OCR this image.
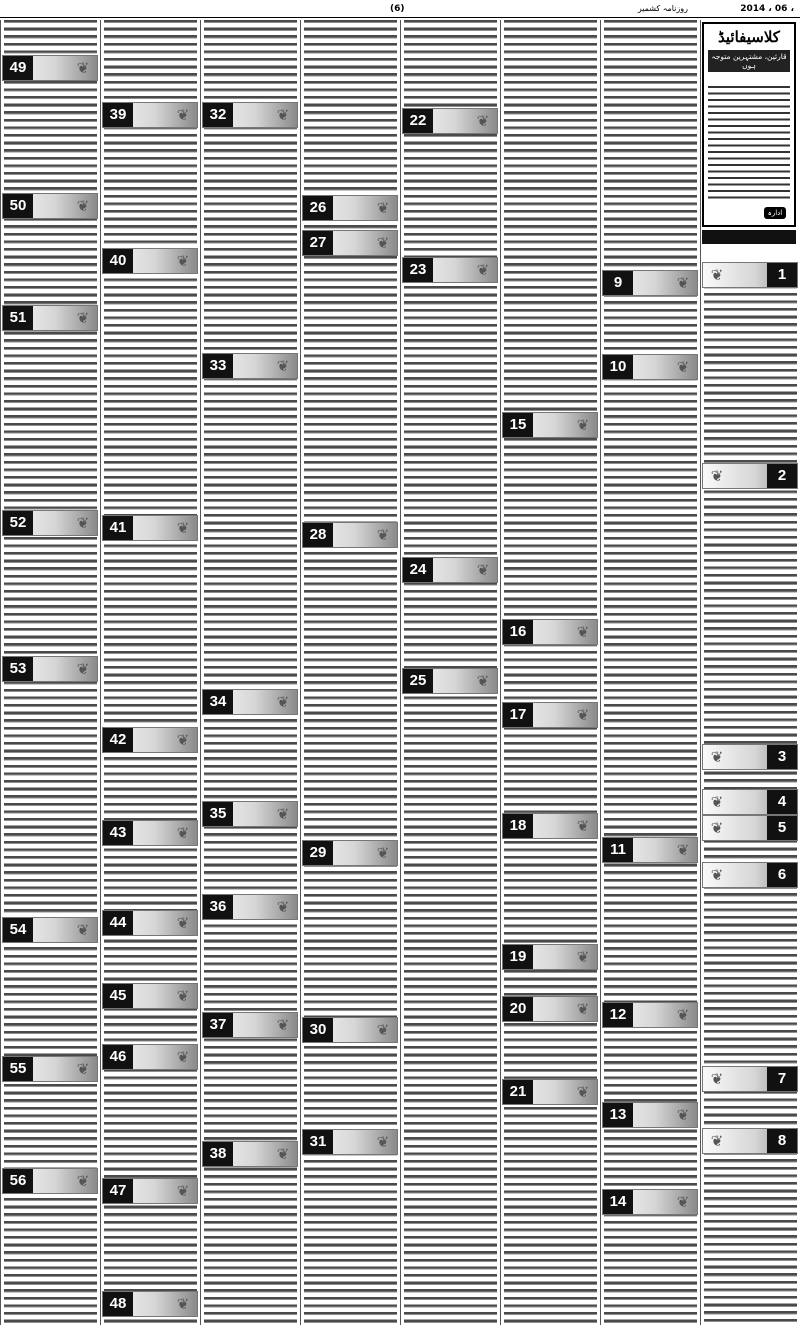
(6)	روزنامہ کشمیر	2014 ، 06 ،
کلاسیفائیڈ
قارئین، مشتہرین متوجہ ہوں
ادارہ
1
❦
2
❦
3
❦
4
❦
5
❦
6
❦
7
❦
8
❦
9	❦
10	❦
11	❦
12	❦
13	❦
14	❦
15	❦
16	❦
17	❦
18	❦
19	❦
20	❦
21	❦
22	❦
23	❦
24	❦
25	❦
26	❦
27	❦
28	❦
29	❦
30	❦
31	❦
32	❦
33	❦
34	❦
35	❦
36	❦
37	❦
38	❦
39	❦
40	❦
41	❦
42	❦
43	❦
44	❦
45	❦
46	❦
47	❦
48	❦
49	❦
50	❦
51	❦
52	❦
53	❦
54	❦
55	❦
56	❦
